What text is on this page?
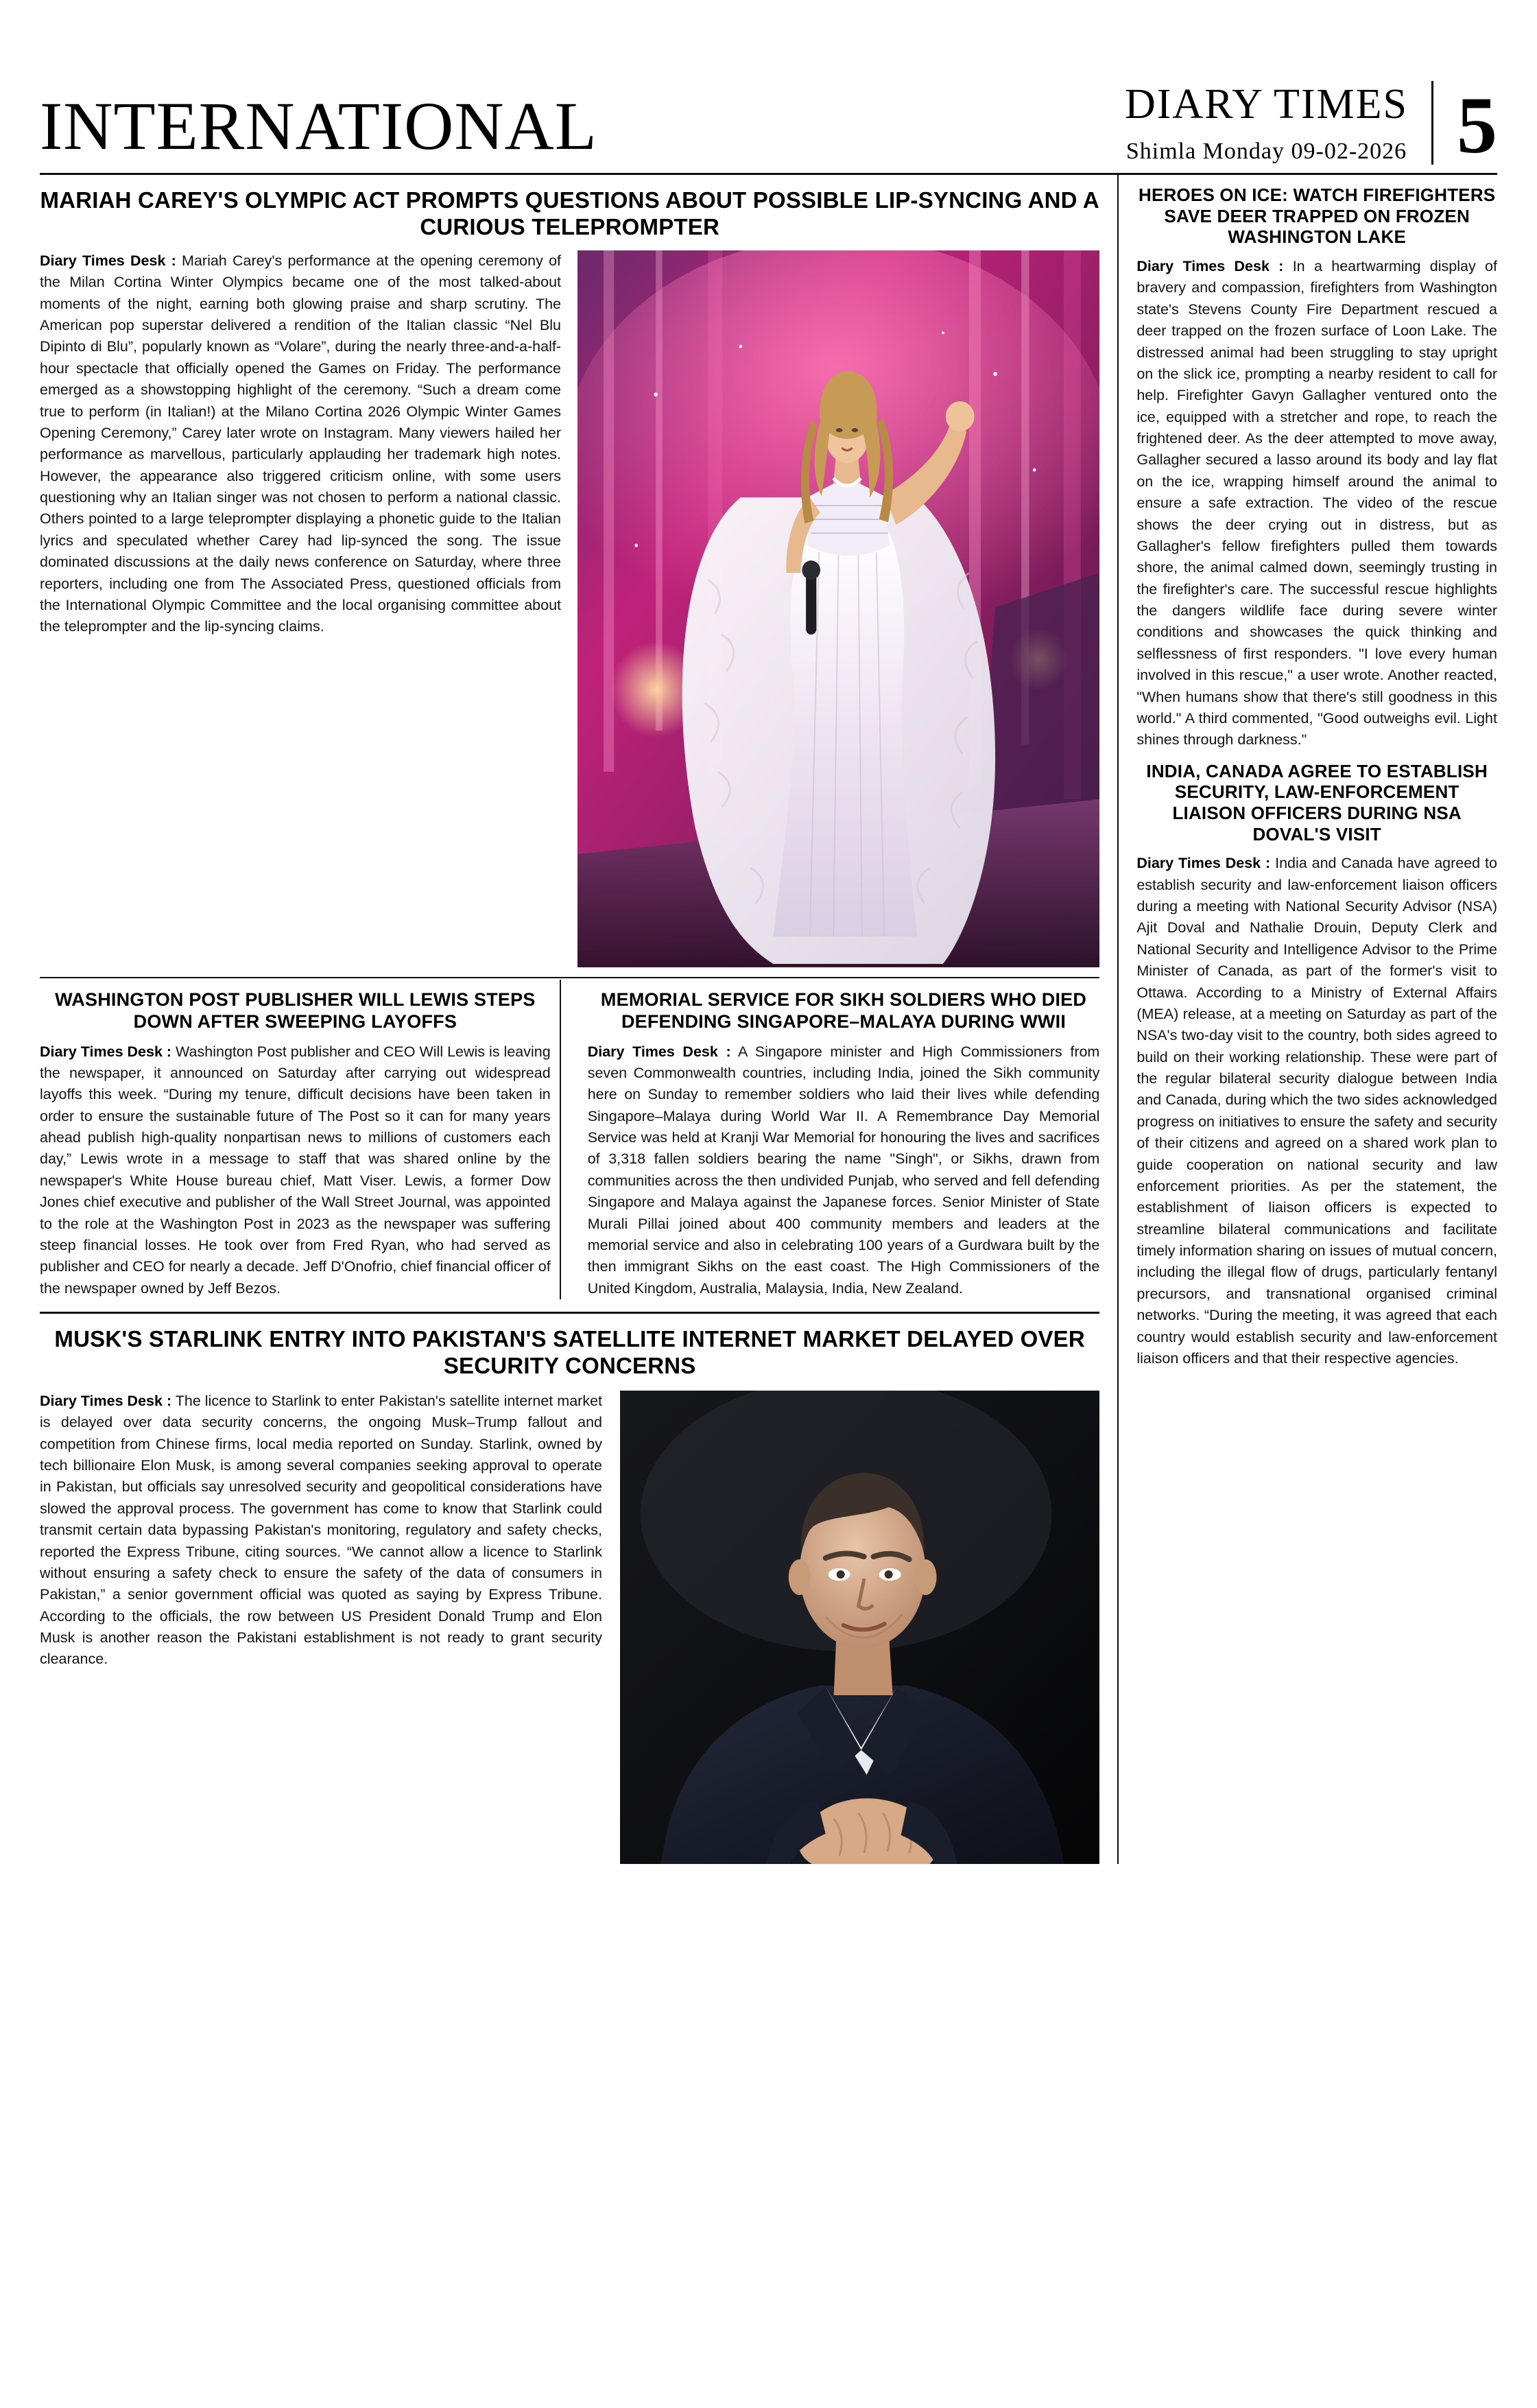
INTERNATIONAL	DIARY TIMES
Shimla Monday 09-02-2026 5
MARIAH CAREY'S OLYMPIC ACT PROMPTS QUESTIONS ABOUT POSSIBLE LIP-SYNCING AND A CURIOUS TELEPROMPTER

Diary Times Desk : Mariah Carey's performance at the opening ceremony of the Milan Cortina Winter Olympics became one of the most talked-about moments of the night, earning both glowing praise and sharp scrutiny. The American pop superstar delivered a rendition of the Italian classic “Nel Blu Dipinto di Blu”, popularly known as “Volare”, during the nearly three-and-a-half-hour spectacle that officially opened the Games on Friday. The performance emerged as a showstopping highlight of the ceremony. “Such a dream come true to perform (in Italian!) at the Milano Cortina 2026 Olympic Winter Games Opening Ceremony,” Carey later wrote on Instagram. Many viewers hailed her performance as marvellous, particularly applauding her trademark high notes. However, the appearance also triggered criticism online, with some users questioning why an Italian singer was not chosen to perform a national classic. Others pointed to a large teleprompter displaying a phonetic guide to the Italian lyrics and speculated whether Carey had lip-synced the song. The issue dominated discussions at the daily news conference on Saturday, where three reporters, including one from The Associated Press, questioned officials from the International Olympic Committee and the local organising committee about the teleprompter and the lip-syncing claims.

WASHINGTON POST PUBLISHER WILL LEWIS STEPS DOWN AFTER SWEEPING LAYOFFS

Diary Times Desk : Washington Post publisher and CEO Will Lewis is leaving the newspaper, it announced on Saturday after carrying out widespread layoffs this week. “During my tenure, difficult decisions have been taken in order to ensure the sustainable future of The Post so it can for many years ahead publish high-quality nonpartisan news to millions of customers each day,” Lewis wrote in a message to staff that was shared online by the newspaper's White House bureau chief, Matt Viser. Lewis, a former Dow Jones chief executive and publisher of the Wall Street Journal, was appointed to the role at the Washington Post in 2023 as the newspaper was suffering steep financial losses. He took over from Fred Ryan, who had served as publisher and CEO for nearly a decade. Jeff D'Onofrio, chief financial officer of the newspaper owned by Jeff Bezos.

MEMORIAL SERVICE FOR SIKH SOLDIERS WHO DIED DEFENDING SINGAPORE–MALAYA DURING WWII

Diary Times Desk : A Singapore minister and High Commissioners from seven Commonwealth countries, including India, joined the Sikh community here on Sunday to remember soldiers who laid their lives while defending Singapore–Malaya during World War II. A Remembrance Day Memorial Service was held at Kranji War Memorial for honouring the lives and sacrifices of 3,318 fallen soldiers bearing the name "Singh", or Sikhs, drawn from communities across the then undivided Punjab, who served and fell defending Singapore and Malaya against the Japanese forces. Senior Minister of State Murali Pillai joined about 400 community members and leaders at the memorial service and also in celebrating 100 years of a Gurdwara built by the then immigrant Sikhs on the east coast. The High Commissioners of the United Kingdom, Australia, Malaysia, India, New Zealand.

MUSK'S STARLINK ENTRY INTO PAKISTAN'S SATELLITE INTERNET MARKET DELAYED OVER SECURITY CONCERNS

Diary Times Desk : The licence to Starlink to enter Pakistan's satellite internet market is delayed over data security concerns, the ongoing Musk–Trump fallout and competition from Chinese firms, local media reported on Sunday. Starlink, owned by tech billionaire Elon Musk, is among several companies seeking approval to operate in Pakistan, but officials say unresolved security and geopolitical considerations have slowed the approval process. The government has come to know that Starlink could transmit certain data bypassing Pakistan's monitoring, regulatory and safety checks, reported the Express Tribune, citing sources. “We cannot allow a licence to Starlink without ensuring a safety check to ensure the safety of the data of consumers in Pakistan,” a senior government official was quoted as saying by Express Tribune. According to the officials, the row between US President Donald Trump and Elon Musk is another reason the Pakistani establishment is not ready to grant security clearance.

HEROES ON ICE: WATCH FIREFIGHTERS SAVE DEER TRAPPED ON FROZEN WASHINGTON LAKE

Diary Times Desk : In a heartwarming display of bravery and compassion, firefighters from Washington state's Stevens County Fire Department rescued a deer trapped on the frozen surface of Loon Lake. The distressed animal had been struggling to stay upright on the slick ice, prompting a nearby resident to call for help. Firefighter Gavyn Gallagher ventured onto the ice, equipped with a stretcher and rope, to reach the frightened deer. As the deer attempted to move away, Gallagher secured a lasso around its body and lay flat on the ice, wrapping himself around the animal to ensure a safe extraction. The video of the rescue shows the deer crying out in distress, but as Gallagher's fellow firefighters pulled them towards shore, the animal calmed down, seemingly trusting in the firefighter's care. The successful rescue highlights the dangers wildlife face during severe winter conditions and showcases the quick thinking and selflessness of first responders. "I love every human involved in this rescue," a user wrote. Another reacted, "When humans show that there's still goodness in this world." A third commented, "Good outweighs evil. Light shines through darkness."

INDIA, CANADA AGREE TO ESTABLISH SECURITY, LAW-ENFORCEMENT LIAISON OFFICERS DURING NSA DOVAL'S VISIT

Diary Times Desk : India and Canada have agreed to establish security and law-enforcement liaison officers during a meeting with National Security Advisor (NSA) Ajit Doval and Nathalie Drouin, Deputy Clerk and National Security and Intelligence Advisor to the Prime Minister of Canada, as part of the former's visit to Ottawa. According to a Ministry of External Affairs (MEA) release, at a meeting on Saturday as part of the NSA's two-day visit to the country, both sides agreed to build on their working relationship. These were part of the regular bilateral security dialogue between India and Canada, during which the two sides acknowledged progress on initiatives to ensure the safety and security of their citizens and agreed on a shared work plan to guide cooperation on national security and law enforcement priorities. As per the statement, the establishment of liaison officers is expected to streamline bilateral communications and facilitate timely information sharing on issues of mutual concern, including the illegal flow of drugs, particularly fentanyl precursors, and transnational organised criminal networks. “During the meeting, it was agreed that each country would establish security and law-enforcement liaison officers and that their respective agencies.
